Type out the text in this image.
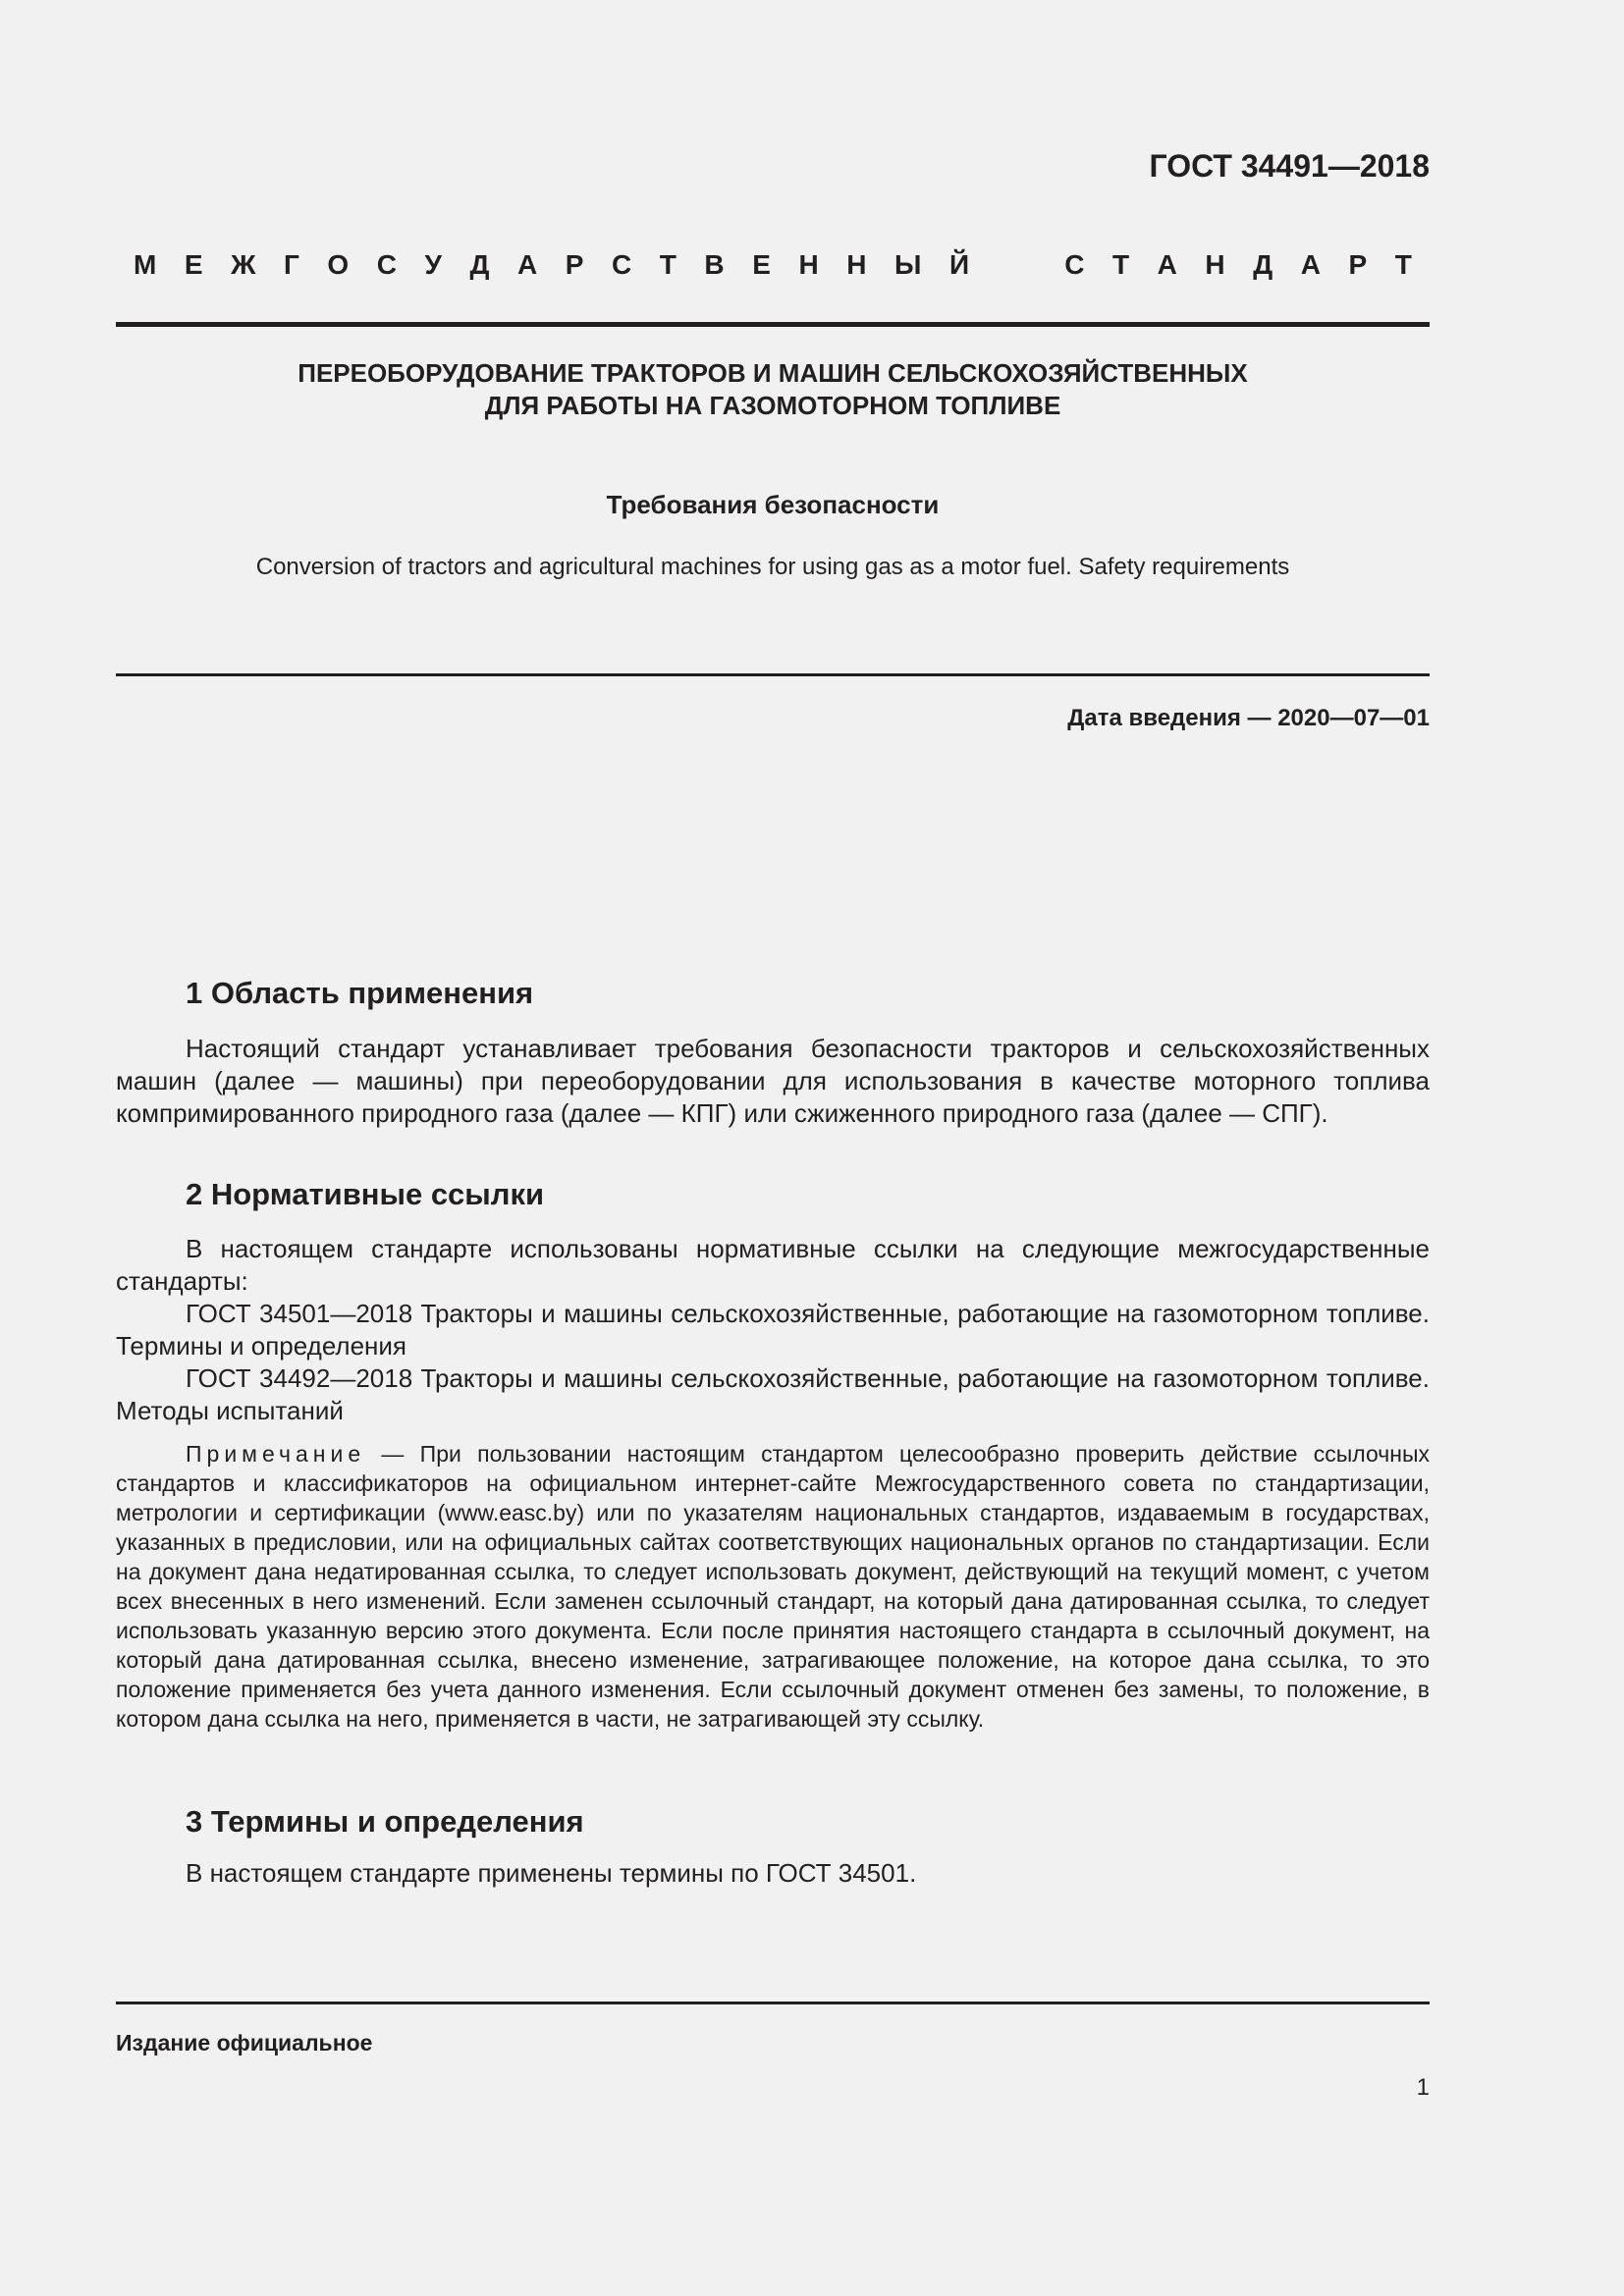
ГОСТ 34491—2018
М Е Ж Г О С У Д А Р С Т В Е Н Н Ы Й	С Т А Н Д А Р Т
ПЕРЕОБОРУДОВАНИЕ ТРАКТОРОВ И МАШИН СЕЛЬСКОХОЗЯЙСТВЕННЫХ
ДЛЯ РАБОТЫ НА ГАЗОМОТОРНОМ ТОПЛИВЕ
Требования безопасности
Conversion of tractors and agricultural machines for using gas as a motor fuel. Safety requirements
Дата введения — 2020—07—01

1 Область применения

Настоящий стандарт устанавливает требования безопасности тракторов и сельскохозяйственных машин (далее — машины) при переоборудовании для использования в качестве моторного топлива компримированного природного газа (далее — КПГ) или сжиженного природного газа (далее — СПГ).

2 Нормативные ссылки

В настоящем стандарте использованы нормативные ссылки на следующие межгосударственные стандарты:

ГОСТ 34501—2018 Тракторы и машины сельскохозяйственные, работающие на газомоторном топливе. Термины и определения

ГОСТ 34492—2018 Тракторы и машины сельскохозяйственные, работающие на газомоторном топливе. Методы испытаний

Примечание — При пользовании настоящим стандартом целесообразно проверить действие ссылочных стандартов и классификаторов на официальном интернет-сайте Межгосударственного совета по стандартизации, метрологии и сертификации (www.easc.by) или по указателям национальных стандартов, издаваемым в государствах, указанных в предисловии, или на официальных сайтах соответствующих национальных органов по стандартизации. Если на документ дана недатированная ссылка, то следует использовать документ, действующий на текущий момент, с учетом всех внесенных в него изменений. Если заменен ссылочный стандарт, на который дана датированная ссылка, то следует использовать указанную версию этого документа. Если после принятия настоящего стандарта в ссылочный документ, на который дана датированная ссылка, внесено изменение, затрагивающее положение, на которое дана ссылка, то это положение применяется без учета данного изменения. Если ссылочный документ отменен без замены, то положение, в котором дана ссылка на него, применяется в части, не затрагивающей эту ссылку.

3 Термины и определения

В настоящем стандарте применены термины по ГОСТ 34501.

Издание официальное
1
